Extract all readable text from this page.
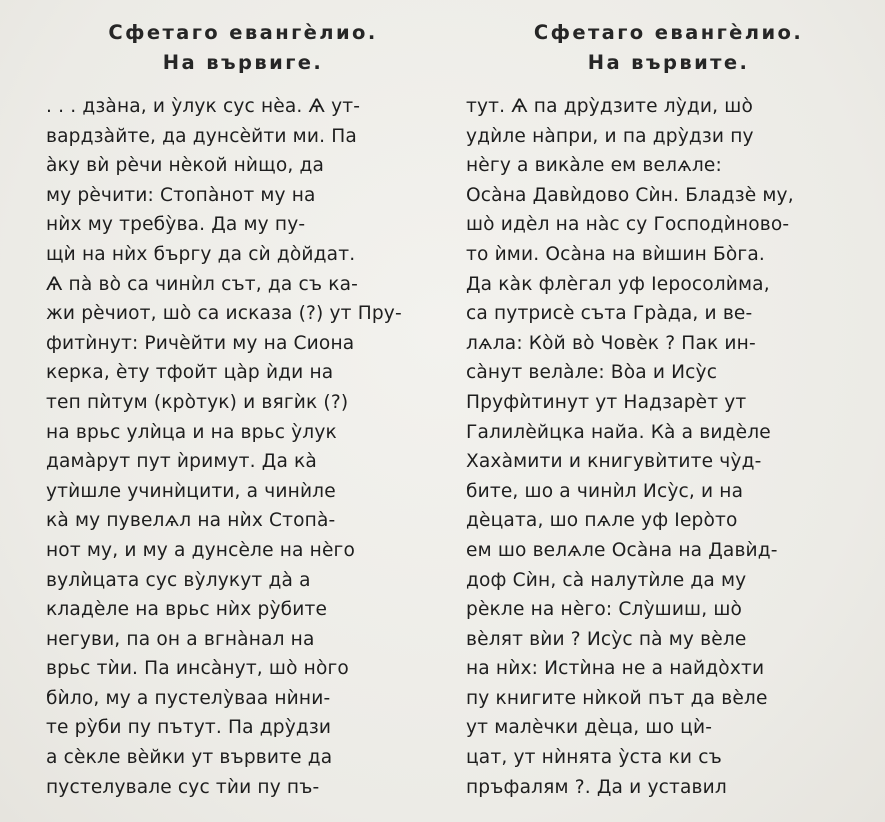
Сфетаго евангѐлио.
На вървиге.
. . . дзàна, и ỳлук сус нѐа. Ѧ ут-
вардзàйте, да дунсѐйти ми. Па
àку вѝ рѐчи нѐкой нѝщо, да
му рѐчити: Стопàнот му на
нѝх му требỳва. Да му пу-
щѝ на нѝх бъргу да сѝ дòйдат.
Ѧ пà вò са чинѝл сът, да съ ка-
жи рѐчиот, шò са исказа (?) ут Пру-
фитѝнут: Ричѐйти му на Сиона
керка, ѐту тфойт цàр ѝди на
теп пѝтум (крòтук) и вягѝк (?)
на врьс улѝца и на врьс ỳлук
дамàрут пут ѝримут. Да кà
утѝшле учинѝцити, а чинѝле
кà му пувелѧл на нѝх Стопà-
нот му, и му а дунсѐле на нѐго
вулѝцата сус вỳлукут дà а
кладѐле на врьс нѝх рỳбите
негуви, па он а вгнàнал на
врьс тѝи. Па инсàнут, шò нòго
бѝло, му а пустелỳваа нѝни-
те рỳби пу пътут. Па дрỳдзи
а сѐкле вѐйки ут вървите да
пустелувале сус тѝи пу пъ-
Сфетаго евангѐлио.
На вървите.
тут. Ѧ па дрỳдзите лỳди, шò
удѝле нàпри, и па дрỳдзи пу
нѐгу а викàле ем велѧле:
Осàна Давѝдово Сѝн. Бладзѐ му,
шò идѐл на нàс су Господѝново-
то ѝми. Осàна на вѝшин Бòга.
Да кàк флѐгал уф Іеросолѝма,
са путрисѐ съта Грàда, и ве-
лѧла: Кòй вò Човѐк ? Пак ин-
сàнут велàле: Вòа и Исỳс
Пруфѝтинут ут Надзарѐт ут
Галилѐйцка найа. Кà а видѐле
Хахàмити и книгувѝтите чỳд-
бите, шо а чинѝл Исỳс, и на
дѐцата, шо пѧле уф Іерòто
ем шо велѧле Осàна на Давѝд-
доф Сѝн, сà налутѝле да му
рѐкле на нѐго: Слỳшиш, шò
вѐлят вѝи ? Исỳс пà му вѐле
на нѝх: Истѝна не а найдòхти
пу книгите нѝкой път да вѐле
ут малѐчки дѐца, шо цѝ-
цат, ут нѝнята ỳста ки съ
пръфалям ?. Да и уставил
